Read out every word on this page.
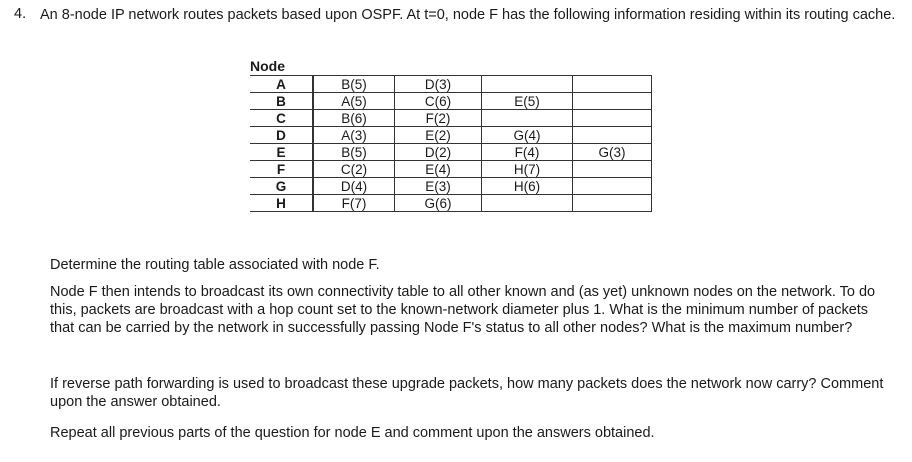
4. An 8-node IP network routes packets based upon OSPF. At t=0, node F has the following information residing within its routing cache.
Node
A	B(5)	D(3)		
B	A(5)	C(6)	E(5)	
C	B(6)	F(2)		
D	A(3)	E(2)	G(4)	
E	B(5)	D(2)	F(4)	G(3)
F	C(2)	E(4)	H(7)	
G	D(4)	E(3)	H(6)	
H	F(7)	G(6)		
Determine the routing table associated with node F.
Node F then intends to broadcast its own connectivity table to all other known and (as yet) unknown nodes on the network. To do this, packets are broadcast with a hop count set to the known-network diameter plus 1. What is the minimum number of packets that can be carried by the network in successfully passing Node F's status to all other nodes? What is the maximum number?
If reverse path forwarding is used to broadcast these upgrade packets, how many packets does the network now carry? Comment upon the answer obtained.
Repeat all previous parts of the question for node E and comment upon the answers obtained.
